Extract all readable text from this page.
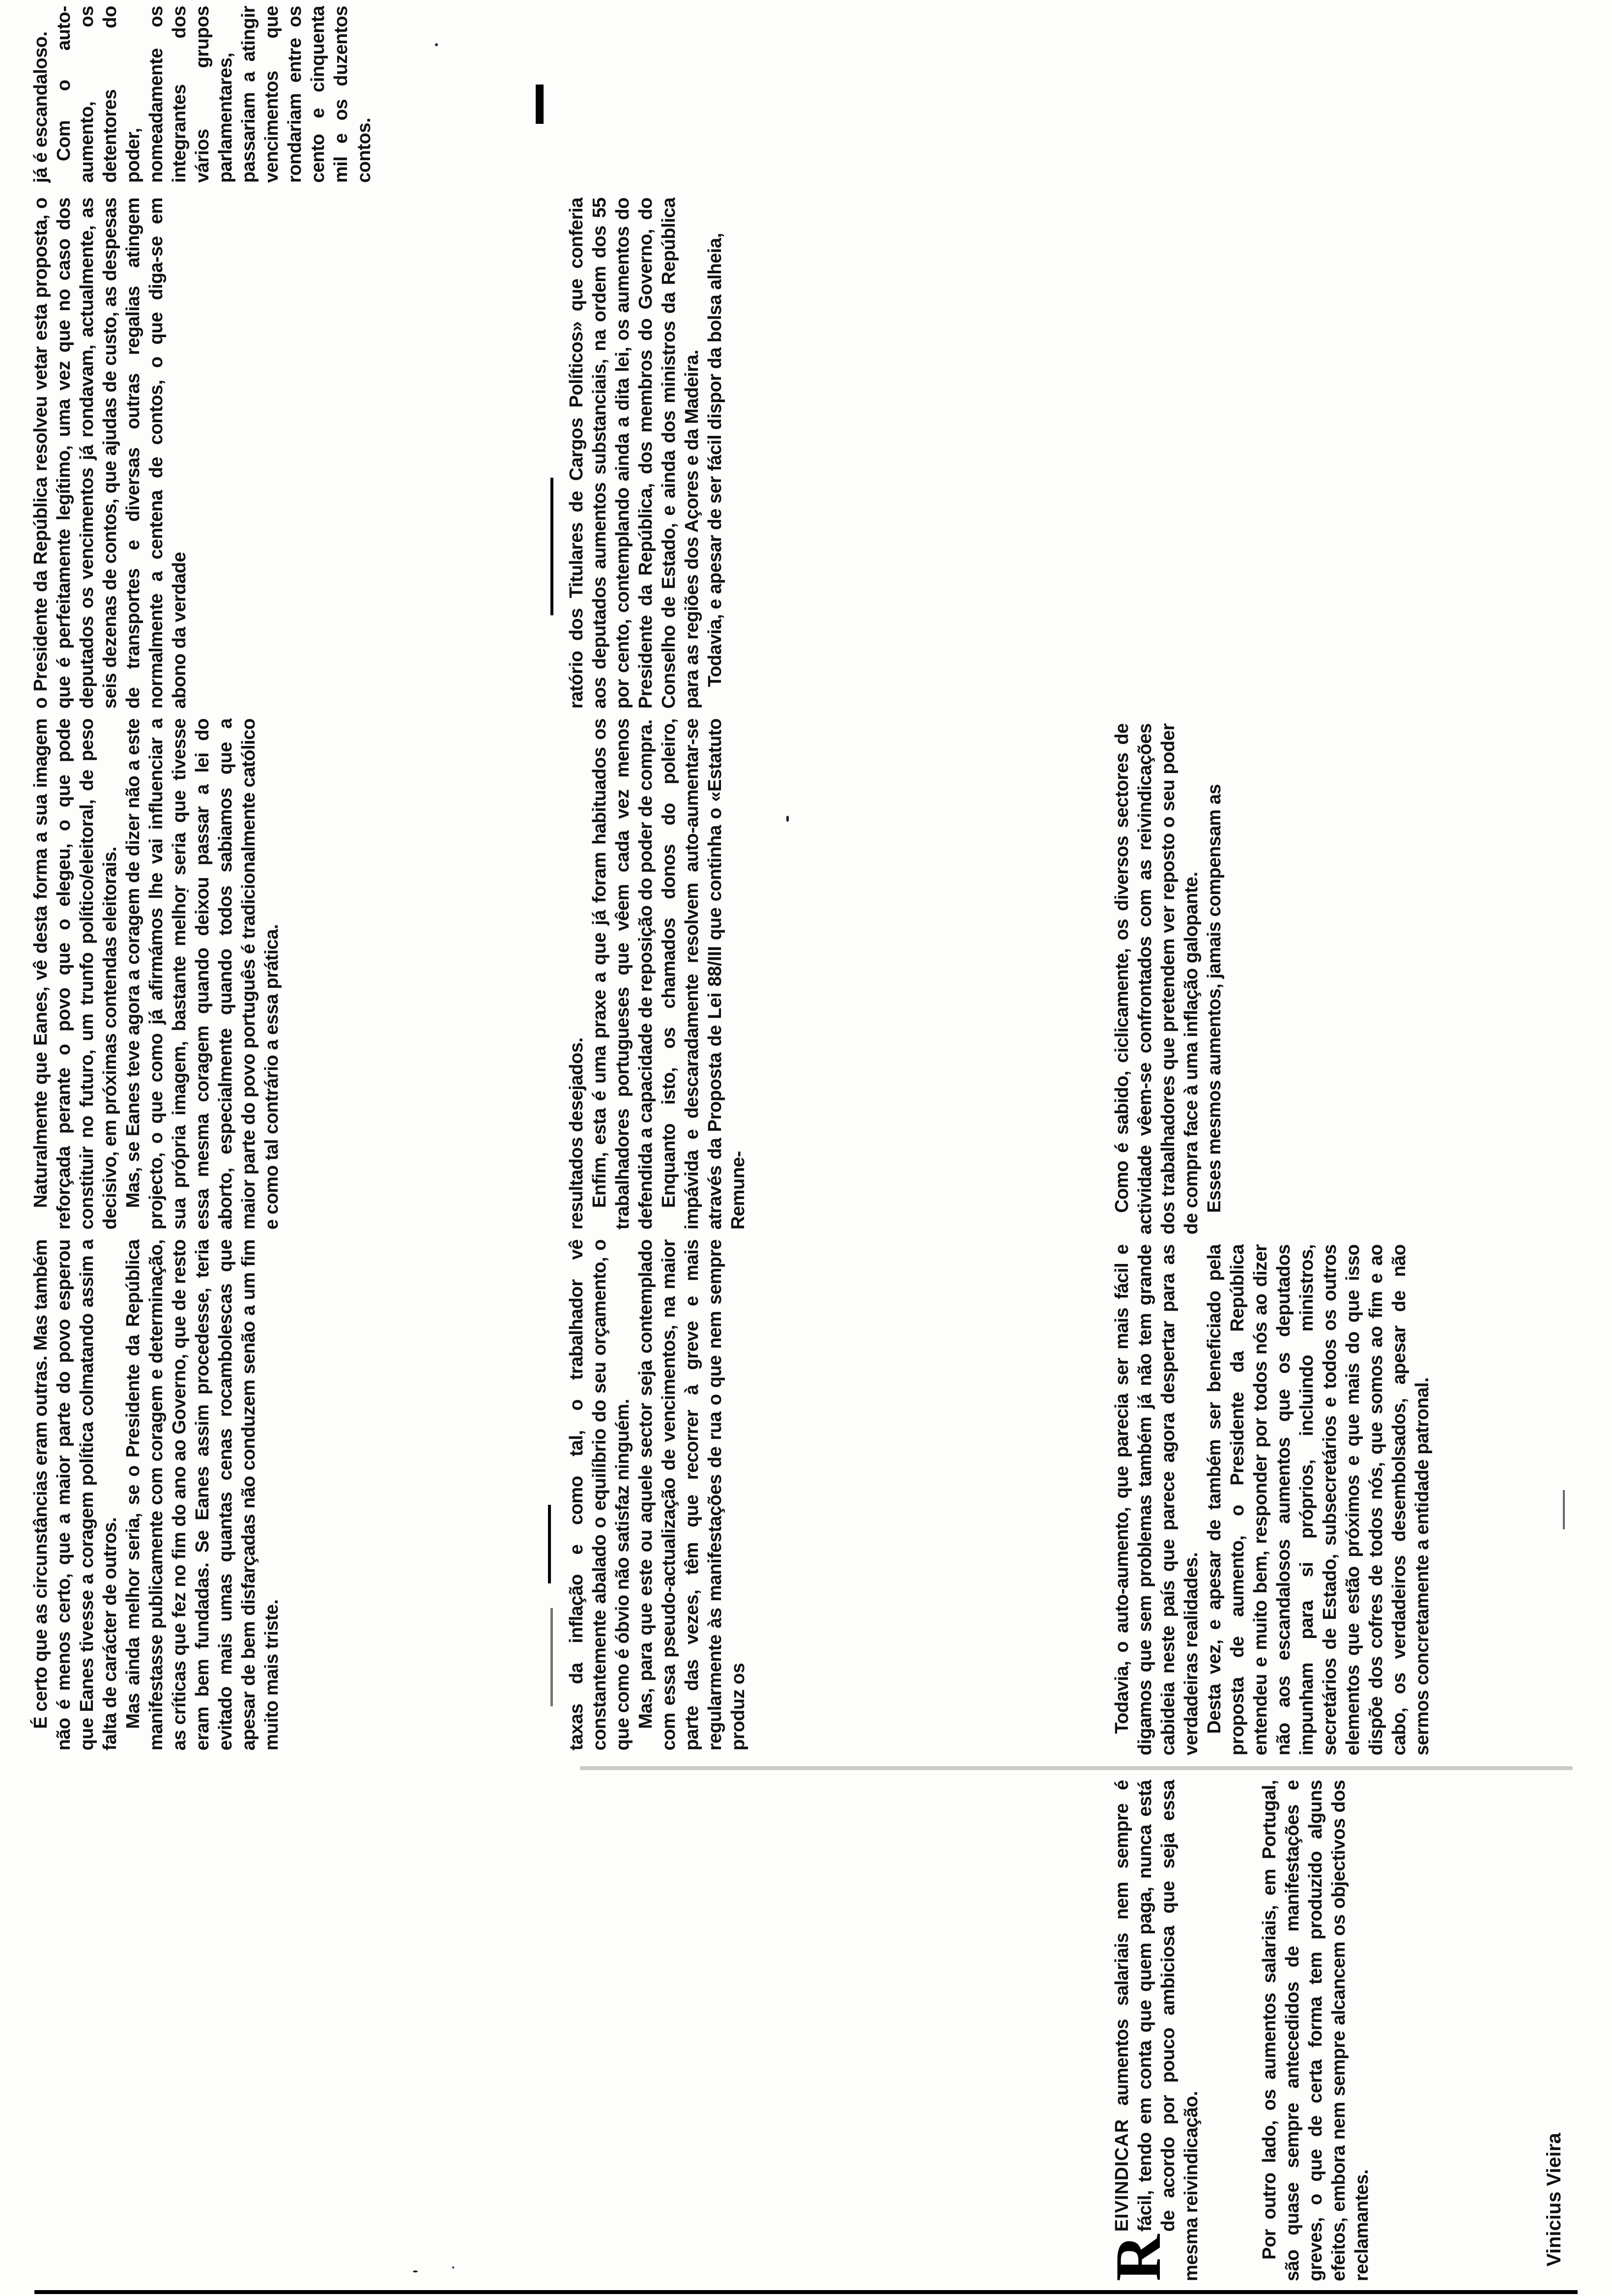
R
EIVINDICAR aumentos salariais nem sempre é fácil, tendo em conta que quem paga, nunca está de acordo por pouco ambiciosa que seja essa mesma reivindicação.	Por outro lado, os aumentos salariais, em Portugal, são quase sempre antecedidos de manifestações e greves, o que de certa forma tem produzido alguns efeitos, embora nem sempre alcancem os objectivos dos reclamantes.

Todavia, o auto-aumento, que parecia ser mais fácil e digamos que sem problemas também já não tem grande cabideia neste país que parece agora despertar para as verdadeiras realidades. Desta vez, e apesar de também ser beneficiado pela proposta de aumento, o Presidente da República entendeu e muito bem, responder por todos nós ao dizer não aos escandalosos aumentos que os deputados impunham para si próprios, incluindo ministros, secretários de Estado, subsecretários e todos os outros elementos que estão próximos e que mais do que isso dispõe dos cofres de todos nós, que somos ao fim e ao cabo, os verdadeiros desembolsados, apesar de não sermos concretamente a entidade patronal.

Como é sabido, ciclicamente, os diversos sectores de actividade vêem-se confrontados com as reivindicações dos trabalhadores que pretendem ver reposto o seu poder de compra face à uma inflação galopante. Esses mesmos aumentos, jamais compensam as

taxas da inflação e como tal, o trabalhador vê constantemente abalado o equilíbrio do seu orçamento, o que como é óbvio não satisfaz ninguém. Mas, para que este ou aquele sector seja contemplado com essa pseudo-actualização de vencimentos, na maior parte das vezes, têm que recorrer à greve e mais regularmente às manifestações de rua o que nem sempre produz os

resultados desejados. Enfim, esta é uma praxe a que já foram habituados os trabalhadores portugueses que vêem cada vez menos defendida a capacidade de reposição do poder de compra. Enquanto isto, os chamados donos do poleiro, impávida e descaradamente resolvem auto-aumentar-se através da Proposta de Lei 88/III que continha o «Estatuto Remune-

ratório dos Titulares de Cargos Políticos» que conferia aos deputados aumentos substanciais, na ordem dos 55 por cento, contemplando ainda a dita lei, os aumentos do Presidente da República, dos membros do Governo, do Conselho de Estado, e ainda dos ministros da República para as regiões dos Açores e da Madeira. Todavia, e apesar de ser fácil dispor da bolsa alheia,

o Presidente da República resolveu vetar esta proposta, o que é perfeitamente legítimo, uma vez que no caso dos deputados os vencimentos já rondavam, actualmente, as seis dezenas de contos, que ajudas de custo, as despesas de transportes e diversas outras regalias atingem normalmente a centena de contos, o que diga-se em abono da verdade

já é escandaloso. Com o auto-aumento, os detentores do poder, nomeadamente os integrantes dos vários grupos parlamentares, passariam a atingir vencimentos que rondariam entre os cento e cinquenta mil e os duzentos contos.

Naturalmente que Eanes, vê desta forma a sua imagem reforçada perante o povo que o elegeu, o que pode constituir no futuro, um trunfo político/eleitoral, de peso decisivo, em próximas contendas eleitorais. Mas, se Eanes teve agora a coragem de dizer não a este projecto, o que como já afirmámos lhe vai influenciar a sua própria imagem, bastante melhor seria que tivesse essa mesma coragem quando deixou passar a lei do aborto, especialmente quando todos sabiamos que a maior parte do povo português é tradicionalmente católico e como tal contrário a essa prática.

É certo que as circunstâncias eram outras. Mas também não é menos certo, que a maior parte do povo esperou que Eanes tivesse a coragem política colmatando assim a falta de carácter de outros. Mas ainda melhor seria, se o Presidente da República manifestasse publicamente com coragem e determinação, as críticas que fez no fim do ano ao Governo, que de resto eram bem fundadas. Se Eanes assim procedesse, teria evitado mais umas quantas cenas rocambolescas que apesar de bem disfarçadas não conduzem senão a um fim muito mais triste.

Vinicius Vieira
